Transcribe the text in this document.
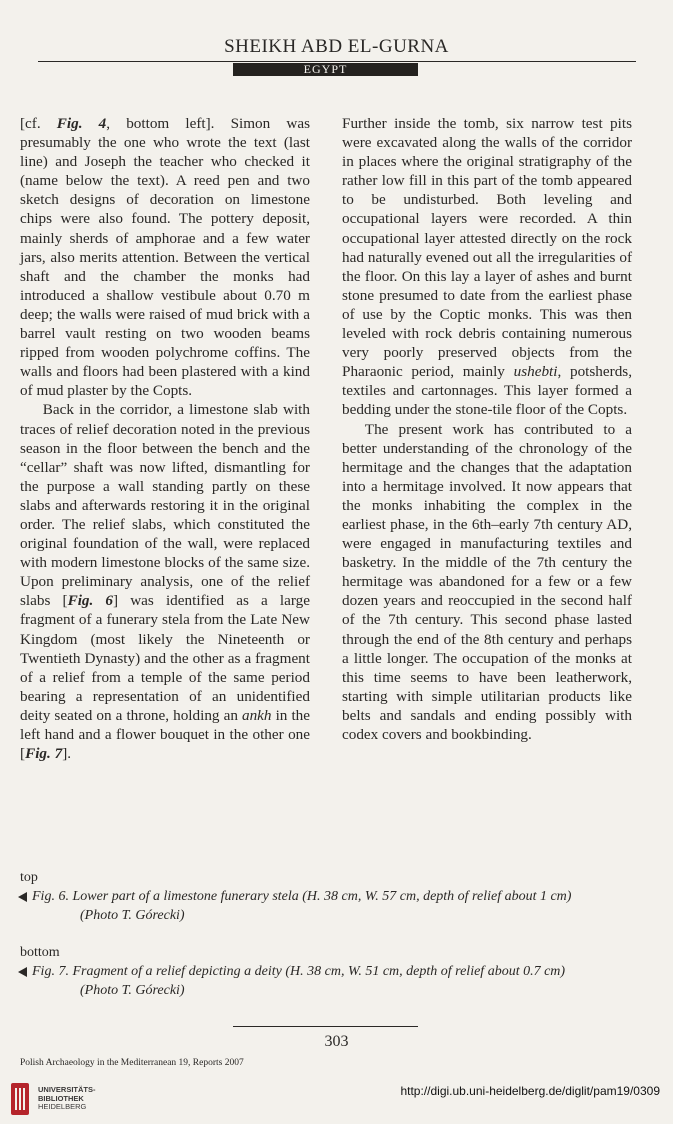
SHEIKH ABD EL-GURNA
EGYPT

[cf. Fig. 4, bottom left]. Simon was presumably the one who wrote the text (last line) and Joseph the teacher who checked it (name below the text). A reed pen and two sketch designs of decoration on limestone chips were also found. The pottery deposit, mainly sherds of amphorae and a few water jars, also merits attention. Between the vertical shaft and the chamber the monks had introduced a shallow vestibule about 0.70 m deep; the walls were raised of mud brick with a barrel vault resting on two wooden beams ripped from wooden polychrome coffins. The walls and floors had been plastered with a kind of mud plaster by the Copts.

Back in the corridor, a limestone slab with traces of relief decoration noted in the previous season in the floor between the bench and the “cellar” shaft was now lifted, dismantling for the purpose a wall standing partly on these slabs and afterwards restoring it in the original order. The relief slabs, which constituted the original foundation of the wall, were replaced with modern limestone blocks of the same size. Upon preliminary analysis, one of the relief slabs [Fig. 6] was identified as a large fragment of a funerary stela from the Late New Kingdom (most likely the Nineteenth or Twentieth Dynasty) and the other as a fragment of a relief from a temple of the same period bearing a representation of an unidentified deity seated on a throne, holding an ankh in the left hand and a flower bouquet in the other one [Fig. 7].

Further inside the tomb, six narrow test pits were excavated along the walls of the corridor in places where the original stratigraphy of the rather low fill in this part of the tomb appeared to be undisturbed. Both leveling and occupational layers were recorded. A thin occupational layer attested directly on the rock had naturally evened out all the irregularities of the floor. On this lay a layer of ashes and burnt stone presumed to date from the earliest phase of use by the Coptic monks. This was then leveled with rock debris containing numerous very poorly preserved objects from the Pharaonic period, mainly ushebti, potsherds, textiles and cartonnages. This layer formed a bedding under the stone-tile floor of the Copts.

The present work has contributed to a better understanding of the chronology of the hermitage and the changes that the adaptation into a hermitage involved. It now appears that the monks inhabiting the complex in the earliest phase, in the 6th–early 7th century AD, were engaged in manufacturing textiles and basketry. In the middle of the 7th century the hermitage was abandoned for a few or a few dozen years and reoccupied in the second half of the 7th century. This second phase lasted through the end of the 8th century and perhaps a little longer. The occupation of the monks at this time seems to have been leatherwork, starting with simple utilitarian products like belts and sandals and ending possibly with codex covers and bookbinding.

top
Fig. 6. Lower part of a limestone funerary stela (H. 38 cm, W. 57 cm, depth of relief about 1 cm)
(Photo T. Górecki)
bottom
Fig. 7. Fragment of a relief depicting a deity (H. 38 cm, W. 51 cm, depth of relief about 0.7 cm)
(Photo T. Górecki)
303
Polish Archaeology in the Mediterranean 19, Reports 2007
UNIVERSITÄTS-
BIBLIOTHEK
HEIDELBERG
http://digi.ub.uni-heidelberg.de/diglit/pam19/0309
